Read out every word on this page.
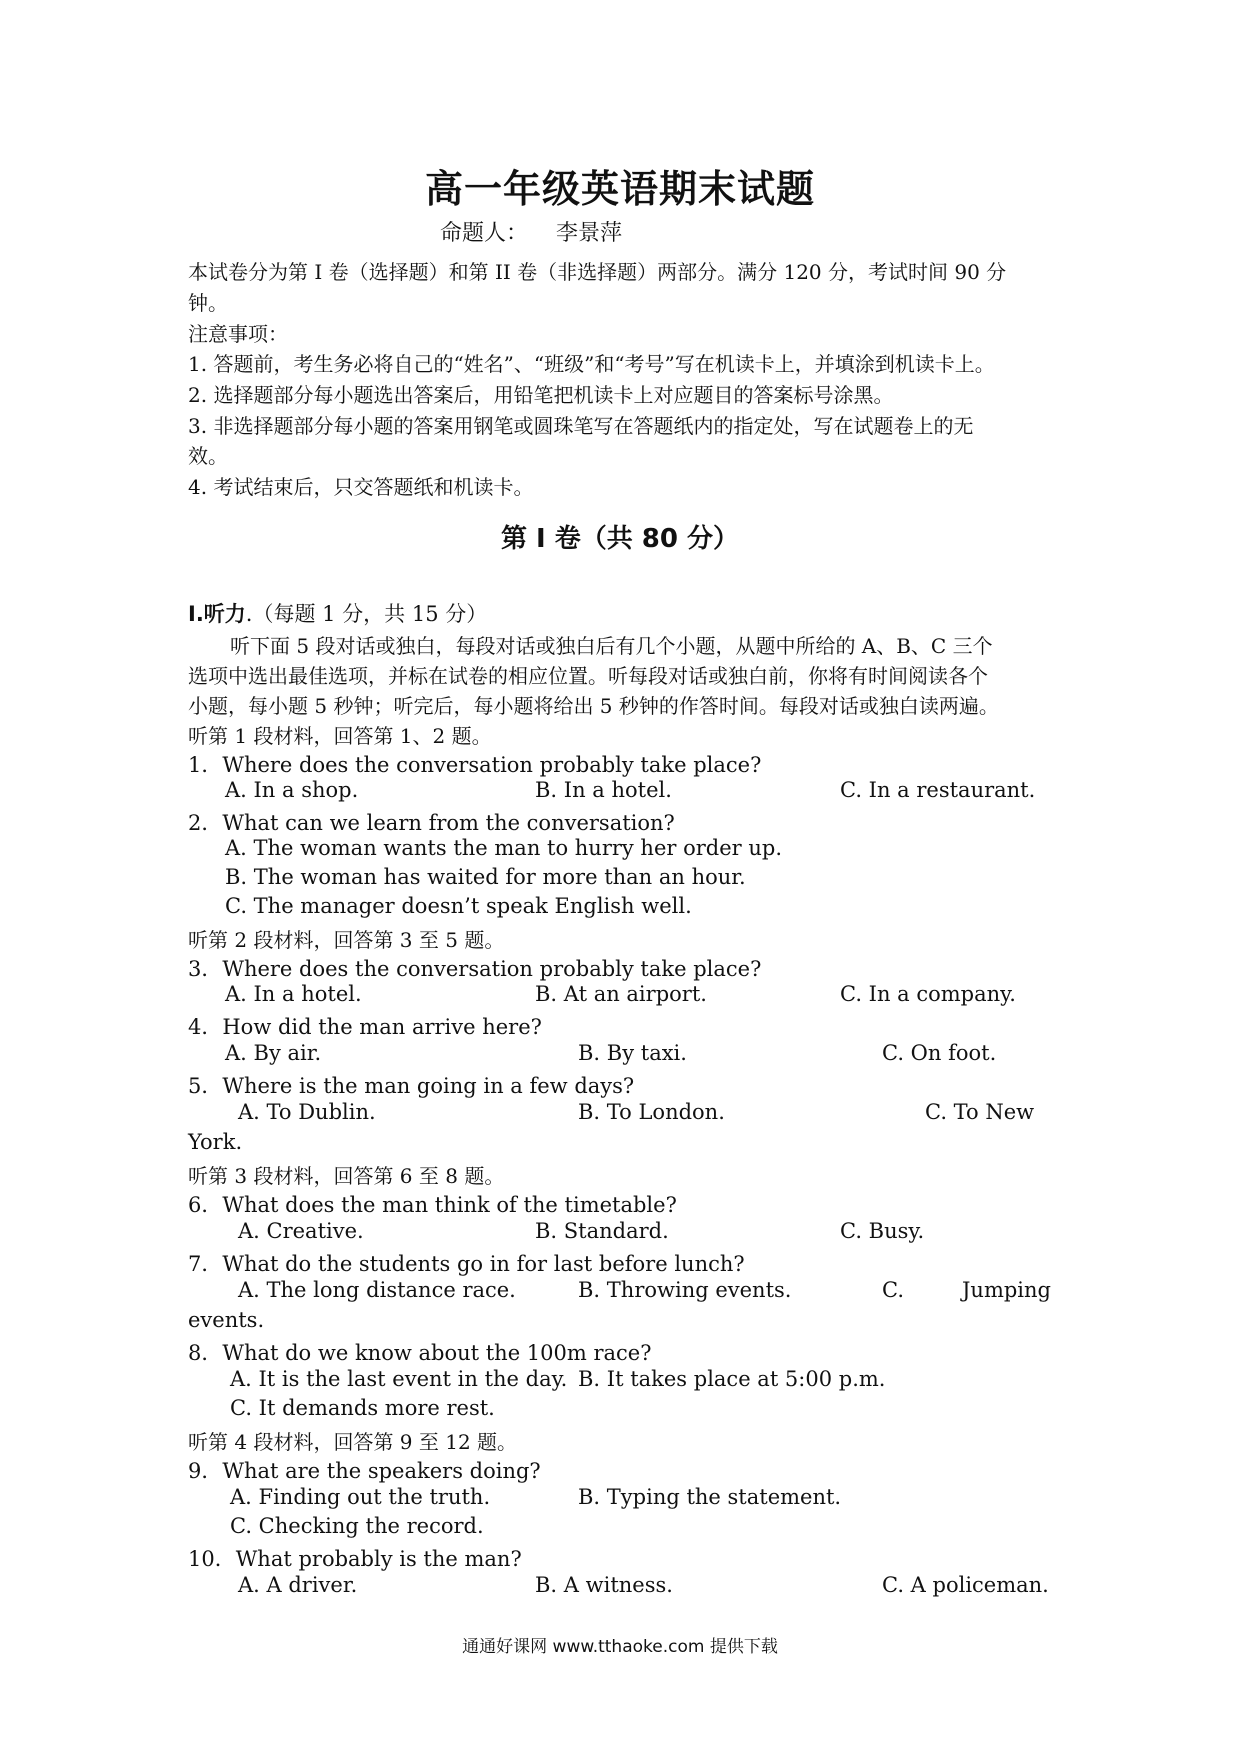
高一年级英语期末试题
命题人： 李景萍
本试卷分为第 I 卷（选择题）和第 II 卷（非选择题）两部分。满分 120 分，考试时间 90 分
钟。
注意事项：
1. 答题前，考生务必将自己的“姓名”、“班级”和“考号”写在机读卡上，并填涂到机读卡上。
2. 选择题部分每小题选出答案后，用铅笔把机读卡上对应题目的答案标号涂黑。
3. 非选择题部分每小题的答案用钢笔或圆珠笔写在答题纸内的指定处，写在试题卷上的无
效。
4. 考试结束后，只交答题纸和机读卡。
第 I 卷（共 80 分）
I.听力.（每题 1 分，共 15 分）
听下面 5 段对话或独白，每段对话或独白后有几个小题，从题中所给的 A、B、C 三个
选项中选出最佳选项，并标在试卷的相应位置。听每段对话或独白前，你将有时间阅读各个
小题，每小题 5 秒钟；听完后，每小题将给出 5 秒钟的作答时间。每段对话或独白读两遍。
听第 1 段材料，回答第 1、2 题。
1．Where does the conversation probably take place?
A. In a shop.	B. In a hotel.	C. In a restaurant.
2．What can we learn from the conversation?
A. The woman wants the man to hurry her order up.
B. The woman has waited for more than an hour.
C. The manager doesn’t speak English well.
听第 2 段材料，回答第 3 至 5 题。
3．Where does the conversation probably take place?
A. In a hotel.	B. At an airport.	C. In a company.
4．How did the man arrive here?
A. By air.	B. By taxi.	C. On foot.
5．Where is the man going in a few days?
A. To Dublin.	B. To London.	C. To New
York.
听第 3 段材料，回答第 6 至 8 题。
6．What does the man think of the timetable?
A. Creative.	B. Standard.	C. Busy.
7．What do the students go in for last before lunch?
A. The long distance race.	B. Throwing events.	C.	Jumping
events.
8．What do we know about the 100m race?
A. It is the last event in the day. B. It takes place at 5:00 p.m.
C. It demands more rest.
听第 4 段材料，回答第 9 至 12 题。
9．What are the speakers doing?
A. Finding out the truth.	B. Typing the statement.
C. Checking the record.
10．What probably is the man?
A. A driver.	B. A witness.	C. A policeman.
通通好课网 www.tthaoke.com 提供下载
